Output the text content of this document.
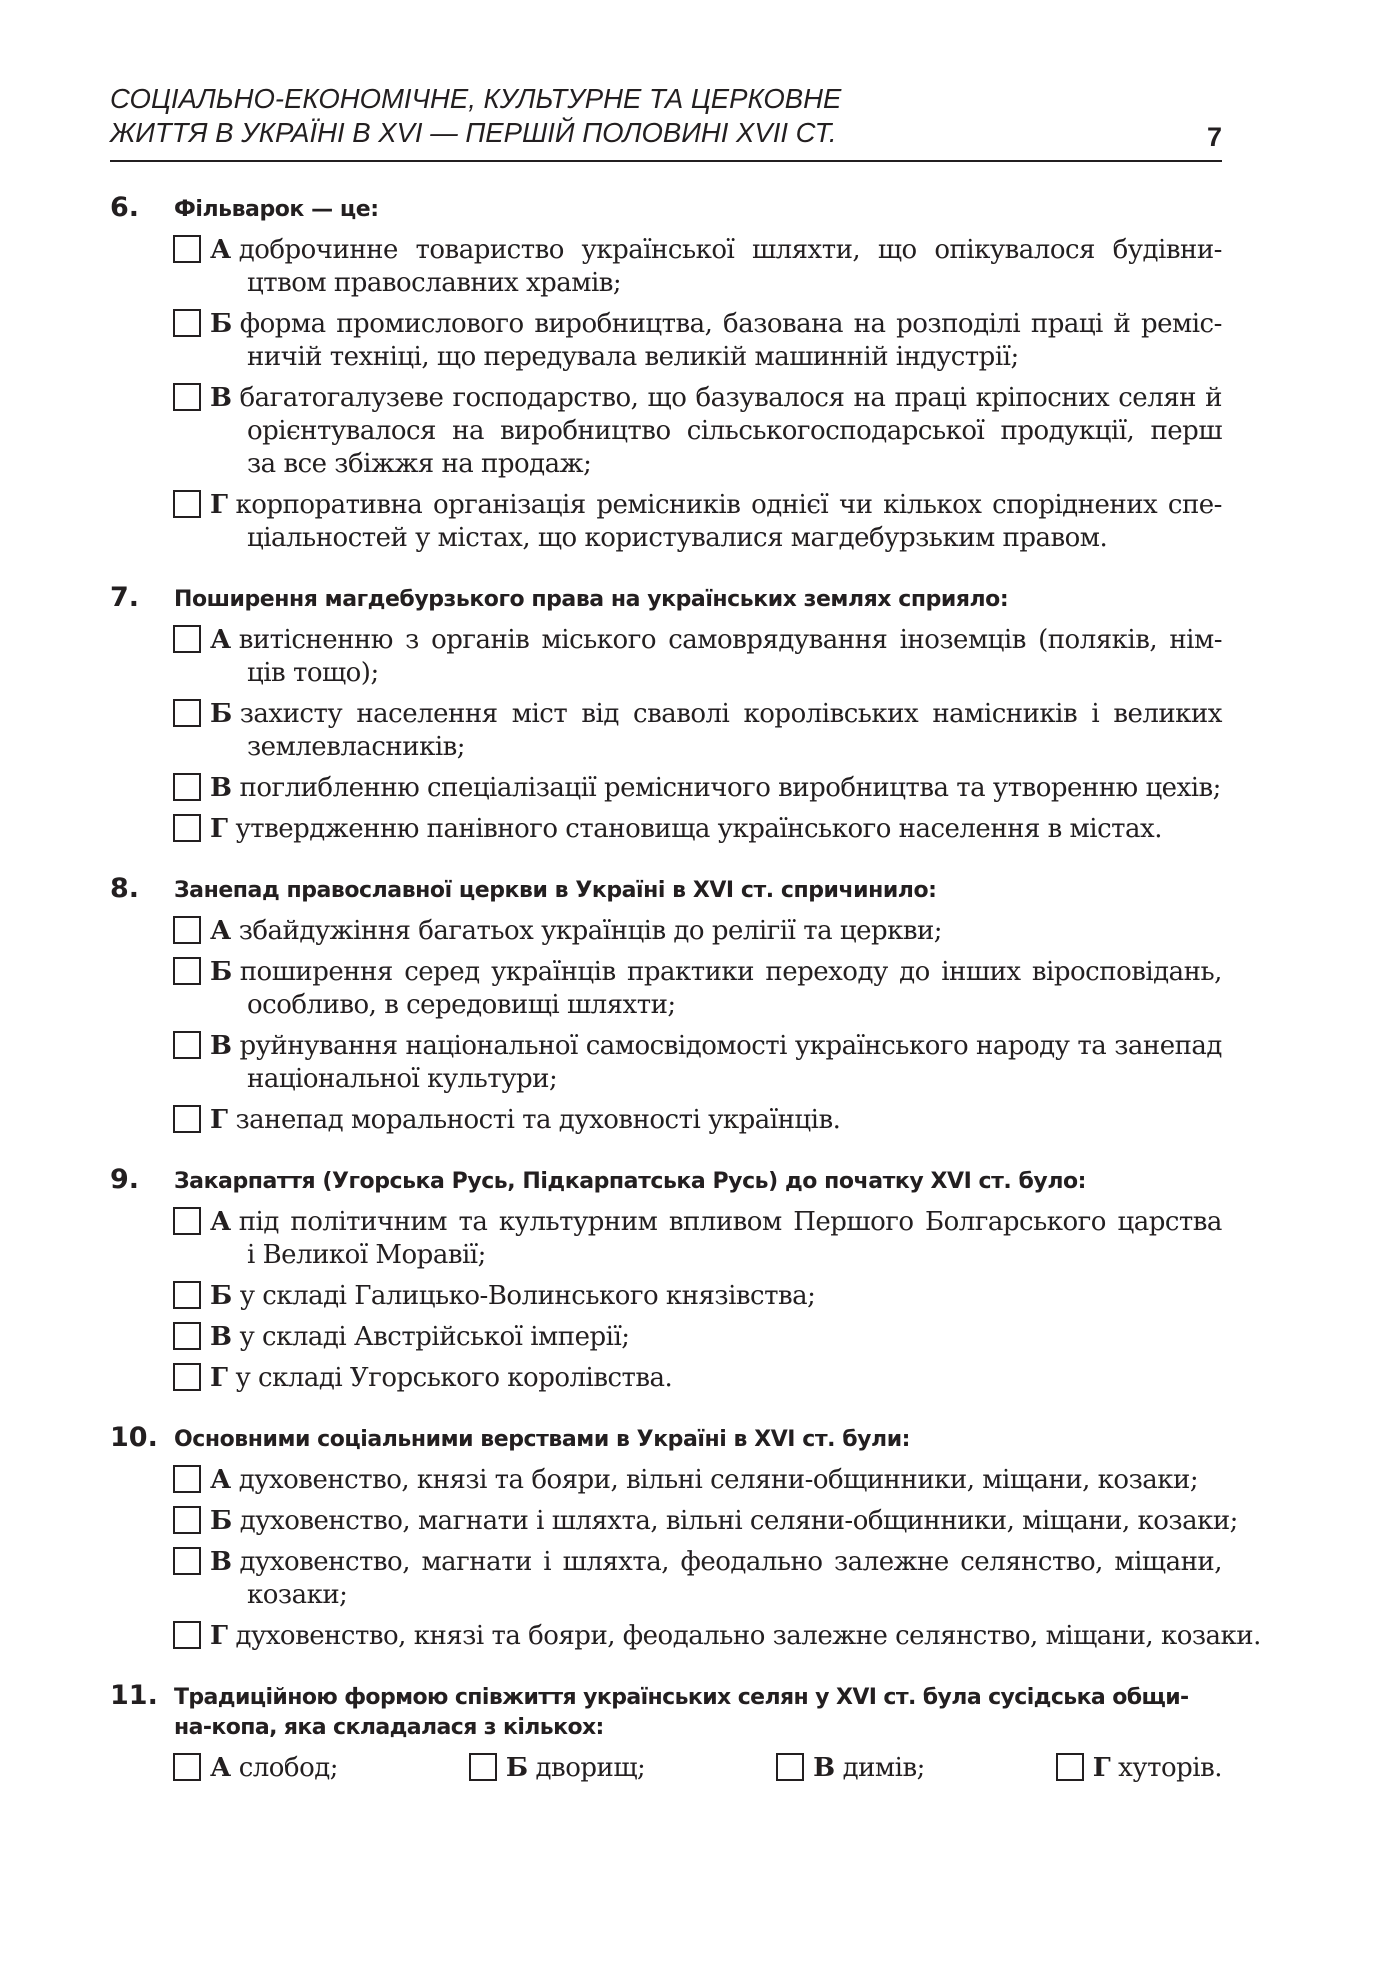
СОЦІАЛЬНО-ЕКОНОМІЧНЕ, КУЛЬТУРНЕ ТА ЦЕРКОВНЕ
ЖИТТЯ В УКРАЇНІ В XVI — ПЕРШІЙ ПОЛОВИНІ XVII СТ.	7
6. Фільварок — це:
А доброчинне товариство української шляхти, що опікувалося будівни-
цтвом православних храмів;
Б форма промислового виробництва, базована на розподілі праці й реміс-
ничій техніці, що передувала великій машинній індустрії;
В багатогалузеве господарство, що базувалося на праці кріпосних селян й
орієнтувалося на виробництво сільськогосподарської продукції, перш
за все збіжжя на продаж;
Г корпоративна організація ремісників однієї чи кількох споріднених спе-
ціальностей у містах, що користувалися магдебурзьким правом.
7. Поширення магдебурзького права на українських землях сприяло:
А витісненню з органів міського самоврядування іноземців (поляків, нім-
ців тощо);
Б захисту населення міст від сваволі королівських намісників і великих
землевласників;
В поглибленню спеціалізації ремісничого виробництва та утворенню цехів;
Г утвердженню панівного становища українського населення в містах.
8. Занепад православної церкви в Україні в XVI ст. спричинило:
А збайдужіння багатьох українців до релігії та церкви;
Б поширення серед українців практики переходу до інших віросповідань,
особливо, в середовищі шляхти;
В руйнування національної самосвідомості українського народу та занепад
національної культури;
Г занепад моральності та духовності українців.
9. Закарпаття (Угорська Русь, Підкарпатська Русь) до початку XVI ст. було:
А під політичним та культурним впливом Першого Болгарського царства
і Великої Моравії;
Б у складі Галицько-Волинського князівства;
В у складі Австрійської імперії;
Г у складі Угорського королівства.
10. Основними соціальними верствами в Україні в XVI ст. були:
А духовенство, князі та бояри, вільні селяни-общинники, міщани, козаки;
Б духовенство, магнати і шляхта, вільні селяни-общинники, міщани, козаки;
В духовенство, магнати і шляхта, феодально залежне селянство, міщани,
козаки;
Г духовенство, князі та бояри, феодально залежне селянство, міщани, козаки.
11. Традиційною формою співжиття українських селян у XVI ст. була сусідська общи-
на-копа, яка складалася з кількох:
А слобод;	Б дворищ;	В димів;	Г хуторів.
